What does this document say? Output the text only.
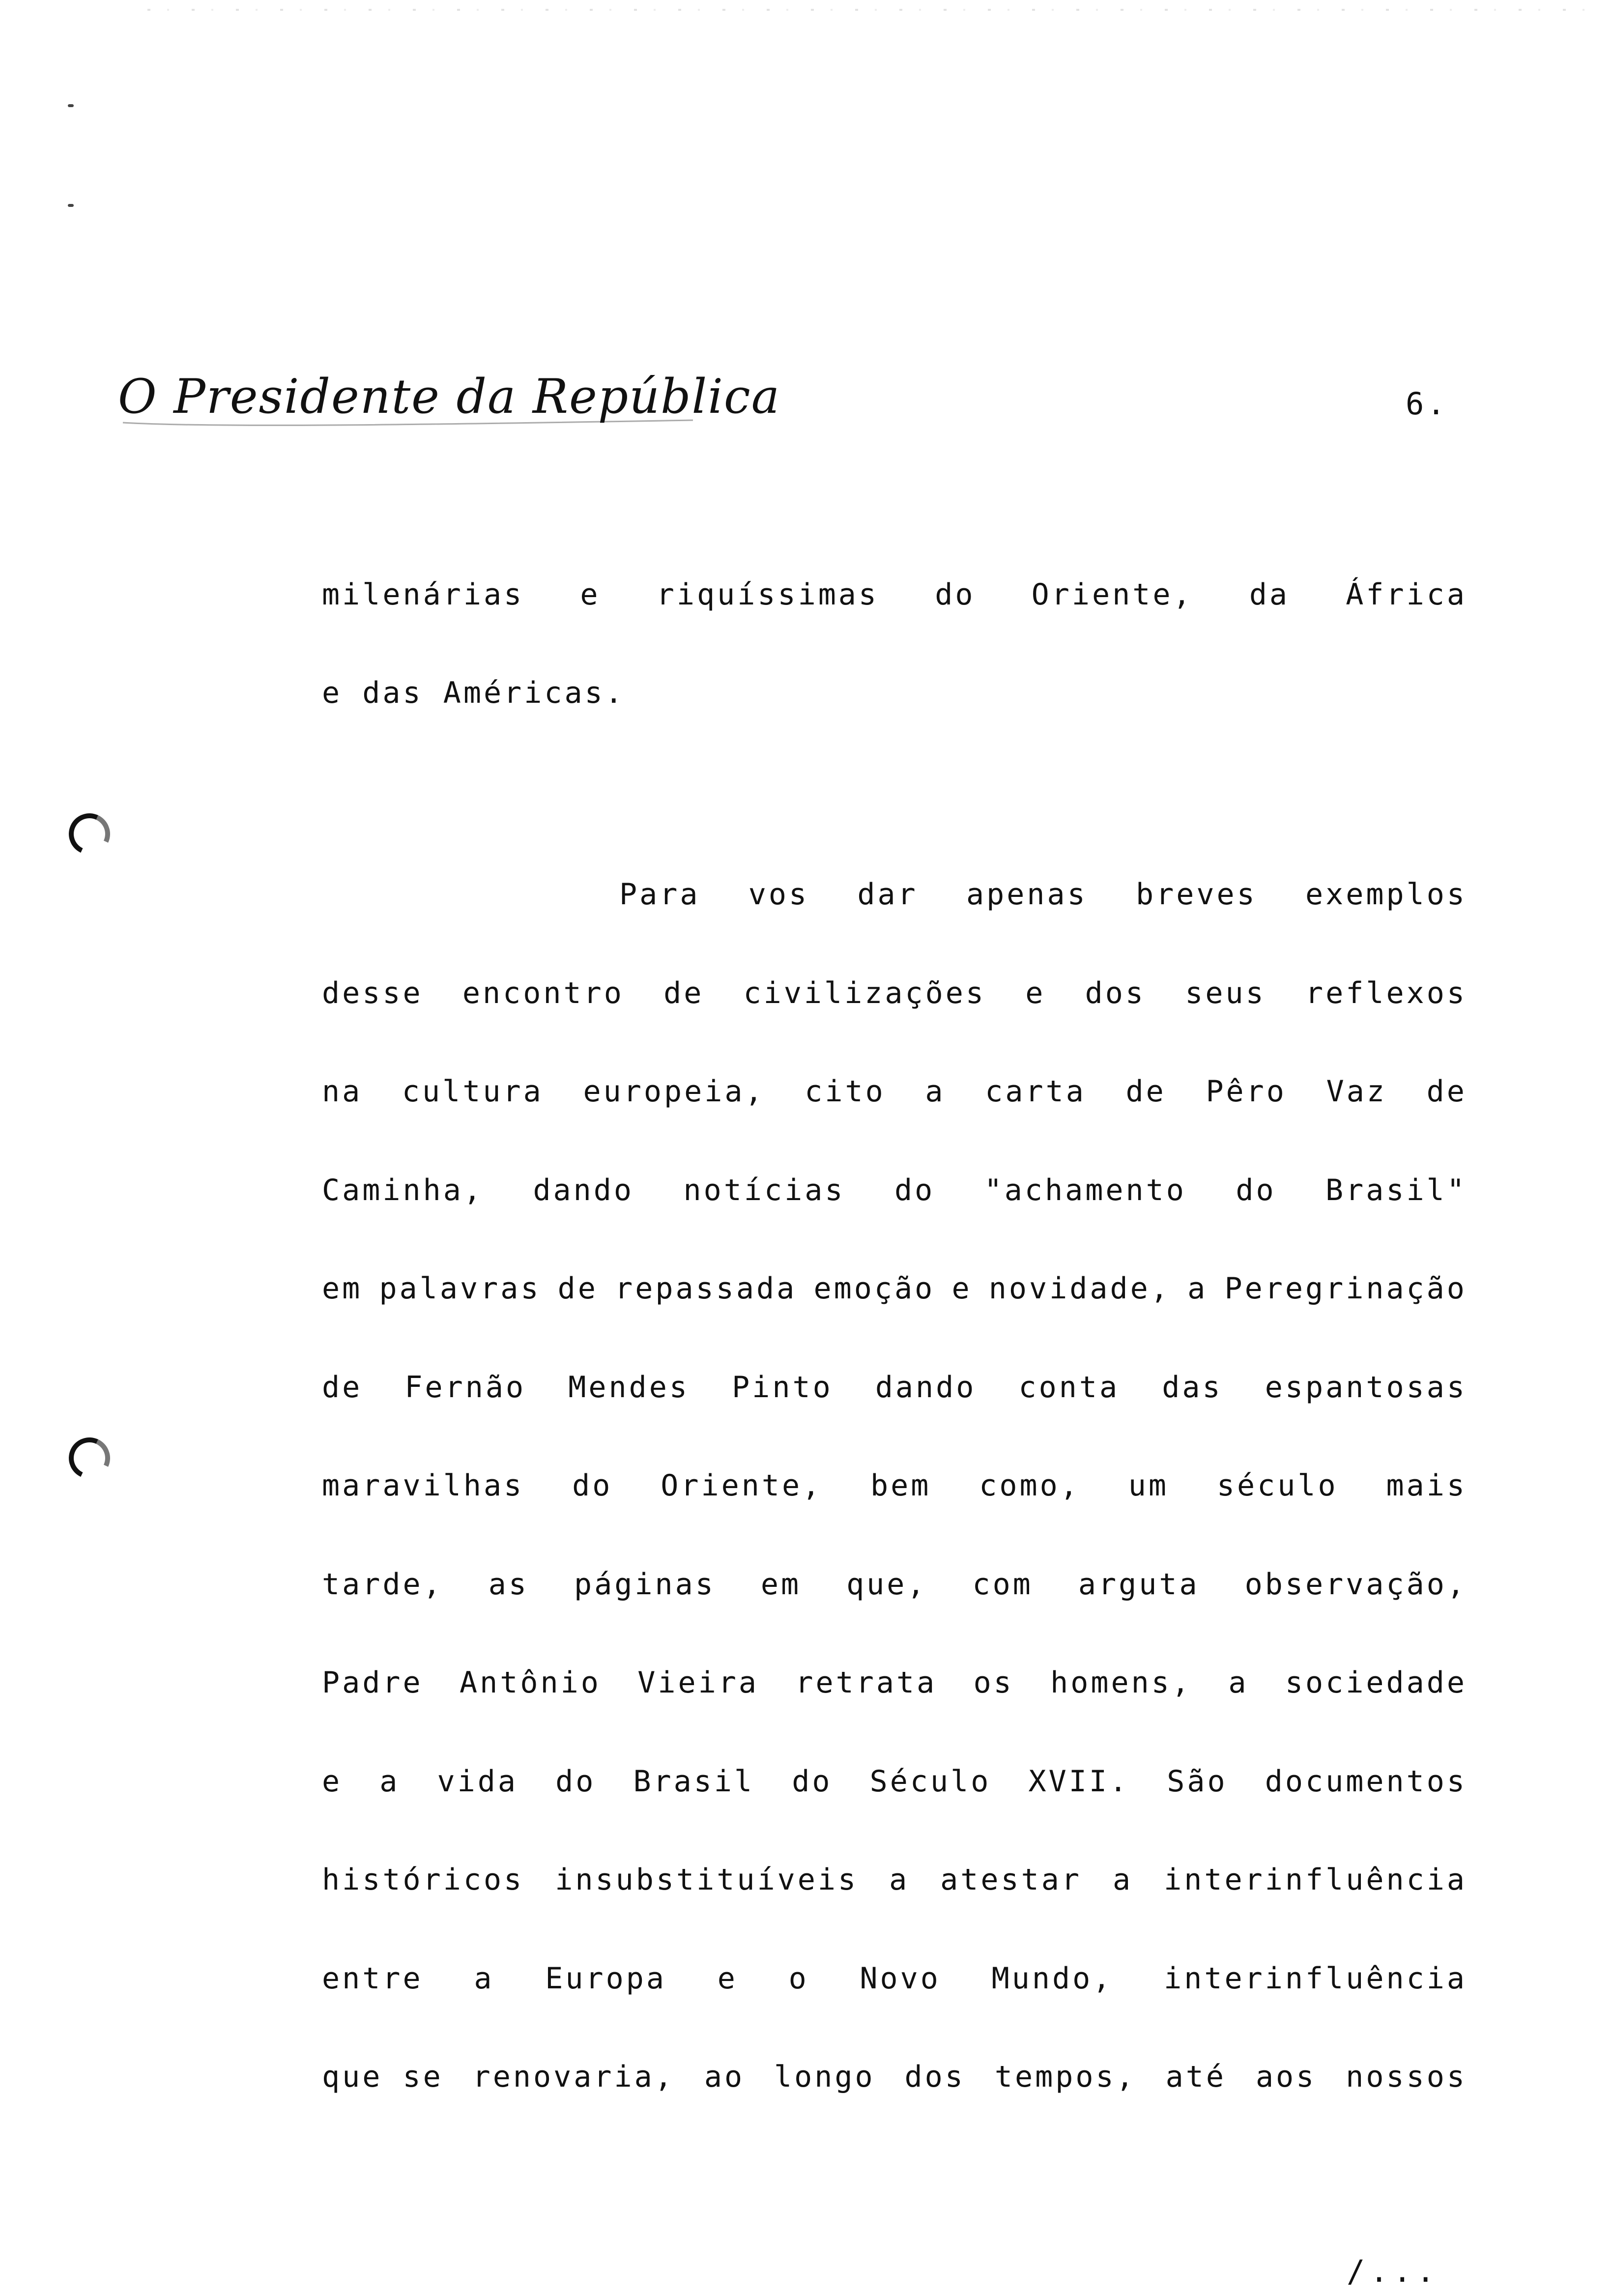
O Presidente da República	6.
milenárias e riquíssimas do Oriente, da África
e das Américas.
Para vos dar apenas breves exemplos
desse encontro de civilizações e dos seus reflexos
na cultura europeia, cito a carta de Pêro Vaz de
Caminha, dando notícias do "achamento do Brasil"
em palavras de repassada emoção e novidade, a Peregrinação
de Fernão Mendes Pinto dando conta das espantosas
maravilhas do Oriente, bem como, um século mais
tarde, as páginas em que, com arguta observação,
Padre Antônio Vieira retrata os homens, a sociedade
e a vida do Brasil do Século XVII. São documentos
históricos insubstituíveis a atestar a interinfluência
entre a Europa e o Novo Mundo, interinfluência
que se renovaria, ao longo dos tempos, até aos nossos
/...
